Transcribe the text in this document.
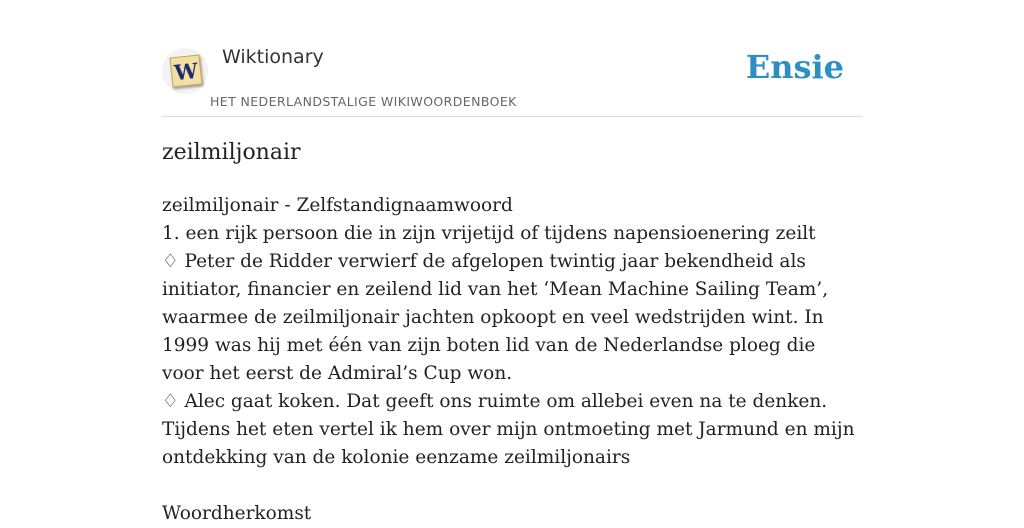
W
Wiktionary
HET NEDERLANDSTALIGE WIKIWOORDENBOEK
Ensie
zeilmiljonair

zeilmiljonair - Zelfstandignaamwoord

1. een rijk persoon die in zijn vrijetijd of tijdens napensioenering zeilt

♢ Peter de Ridder verwierf de afgelopen twintig jaar bekendheid als initiator, financier en zeilend lid van het ‘Mean Machine Sailing Team’, waarmee de zeilmiljonair jachten opkoopt en veel wedstrijden wint. In 1999 was hij met één van zijn boten lid van de Nederlandse ploeg die voor het eerst de Admiral’s Cup won.

♢ Alec gaat koken. Dat geeft ons ruimte om allebei even na te denken. Tijdens het eten vertel ik hem over mijn ontmoeting met Jarmund en mijn ontdekking van de kolonie eenzame zeilmiljonairs

Woordherkomst
